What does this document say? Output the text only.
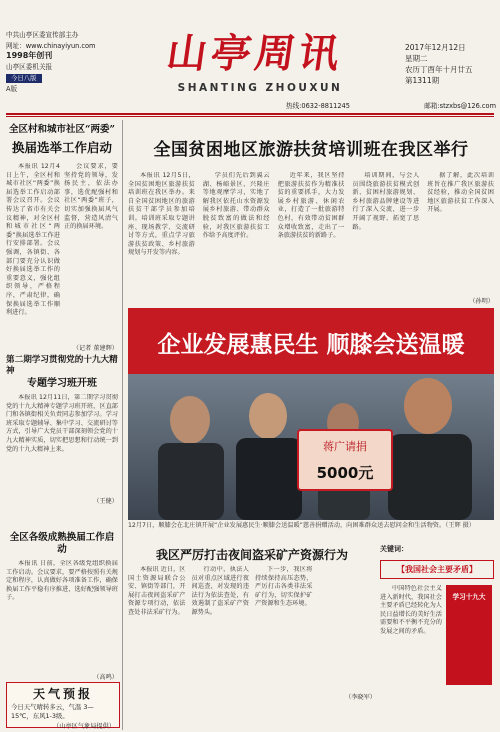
中共山亭区委宣传部主办
网址：www.chinayiyun.com
1998年创刊
山亭区委机关报
今日八版
A版
山亭周讯
SHANTING ZHOUXUN
2017年12月12日
星期二
农历丁酉年十月廿五
第1311期
热线:0632-8811245	邮箱:stzxbs@126.com
全区村和城市社区“两委”
换届选举工作启动

本报讯 12月4日上午，全区村和城市社区“两委”换届选举工作启动部署会议召开。会议传达了省市有关会议精神，对全区村和城市社区“两委”换届选举工作进行安排部署。会议强调，各镇街、各部门要充分认识做好换届选举工作的重要意义，强化组织领导，严格程序，严肃纪律，确保换届选举工作顺利进行。

会议要求，要坚持党的领导，发扬民主，依法办事，选优配强村和社区“两委”班子，切实加强换届风气监督，营造风清气正的换届环境。

（记者 董建辉）
第二期学习贯彻党的十九大精神
专题学习班开班

本报讯 12月11日，第二期学习贯彻党的十九大精神专题学习班开班，区直部门和各镇街相关负责同志参加学习。学习班采取专题辅导、集中学习、交流研讨等方式，引导广大党员干部深刻领会党的十九大精神实质，切实把思想和行动统一到党的十九大精神上来。

（王健）
全区各级成熟换届工作启动

本报讯 日前，全区各级党组织换届工作启动。会议要求，要严格按照有关规定和程序，认真做好各项准备工作，确保换届工作平稳有序推进，选好配强领导班子。

（高鸣）
天气预报
今日天气晴转多云，气温 3—15℃，东风1-3级。
（山亭区气象局提供）
全国贫困地区旅游扶贫培训班在我区举行

本报讯 12月5日，全国贫困地区旅游扶贫培训班在我区举办。来自全国贫困地区的旅游扶贫干部学员参加培训。培训班采取专题讲座、现场教学、交流研讨等方式，重点学习旅游扶贫政策、乡村旅游规划与开发等内容。

学员们先后到翼云湖、杨峪景区、兴隆庄等地观摩学习，实地了解我区依托山水资源发展乡村旅游、带动群众脱贫致富的做法和经验，对我区旅游扶贫工作给予高度评价。

近年来，我区坚持把旅游扶贫作为精准扶贫的重要抓手，大力发展乡村旅游、休闲农业，打造了一批旅游特色村，有效带动贫困群众增收致富，走出了一条旅游扶贫的新路子。

培训期间，与会人员围绕旅游扶贫模式创新、贫困村旅游规划、乡村旅游品牌建设等进行了深入交流，进一步开阔了视野、拓宽了思路。

据了解，此次培训班旨在推广我区旅游扶贫经验，推动全国贫困地区旅游扶贫工作深入开展。

（孙明）
企业发展惠民生 顺膝会送温暖
蒋广请捐
5000元
12月7日，顺膝会在北庄镇开展“企业发展惠民生·顺膝会送温暖”慈善捐赠活动，向困难群众送去慰问金和生活物资。（王辉 摄）
我区严厉打击夜间盗采矿产资源行为

本报讯 近日，区国土资源局联合公安、镇街等部门，开展打击夜间盗采矿产资源专项行动，依法查处非法采矿行为。

行动中，执法人员对重点区域进行夜间巡查，对发现的违法行为依法查处，有效遏制了盗采矿产资源势头。

下一步，我区将持续保持高压态势，严厉打击各类非法采矿行为，切实保护矿产资源和生态环境。

（李晓军）
关键词：
【我国社会主要矛盾】

中国特色社会主义进入新时代，我国社会主要矛盾已经转化为人民日益增长的美好生活需要和不平衡不充分的发展之间的矛盾。

学习十九大
